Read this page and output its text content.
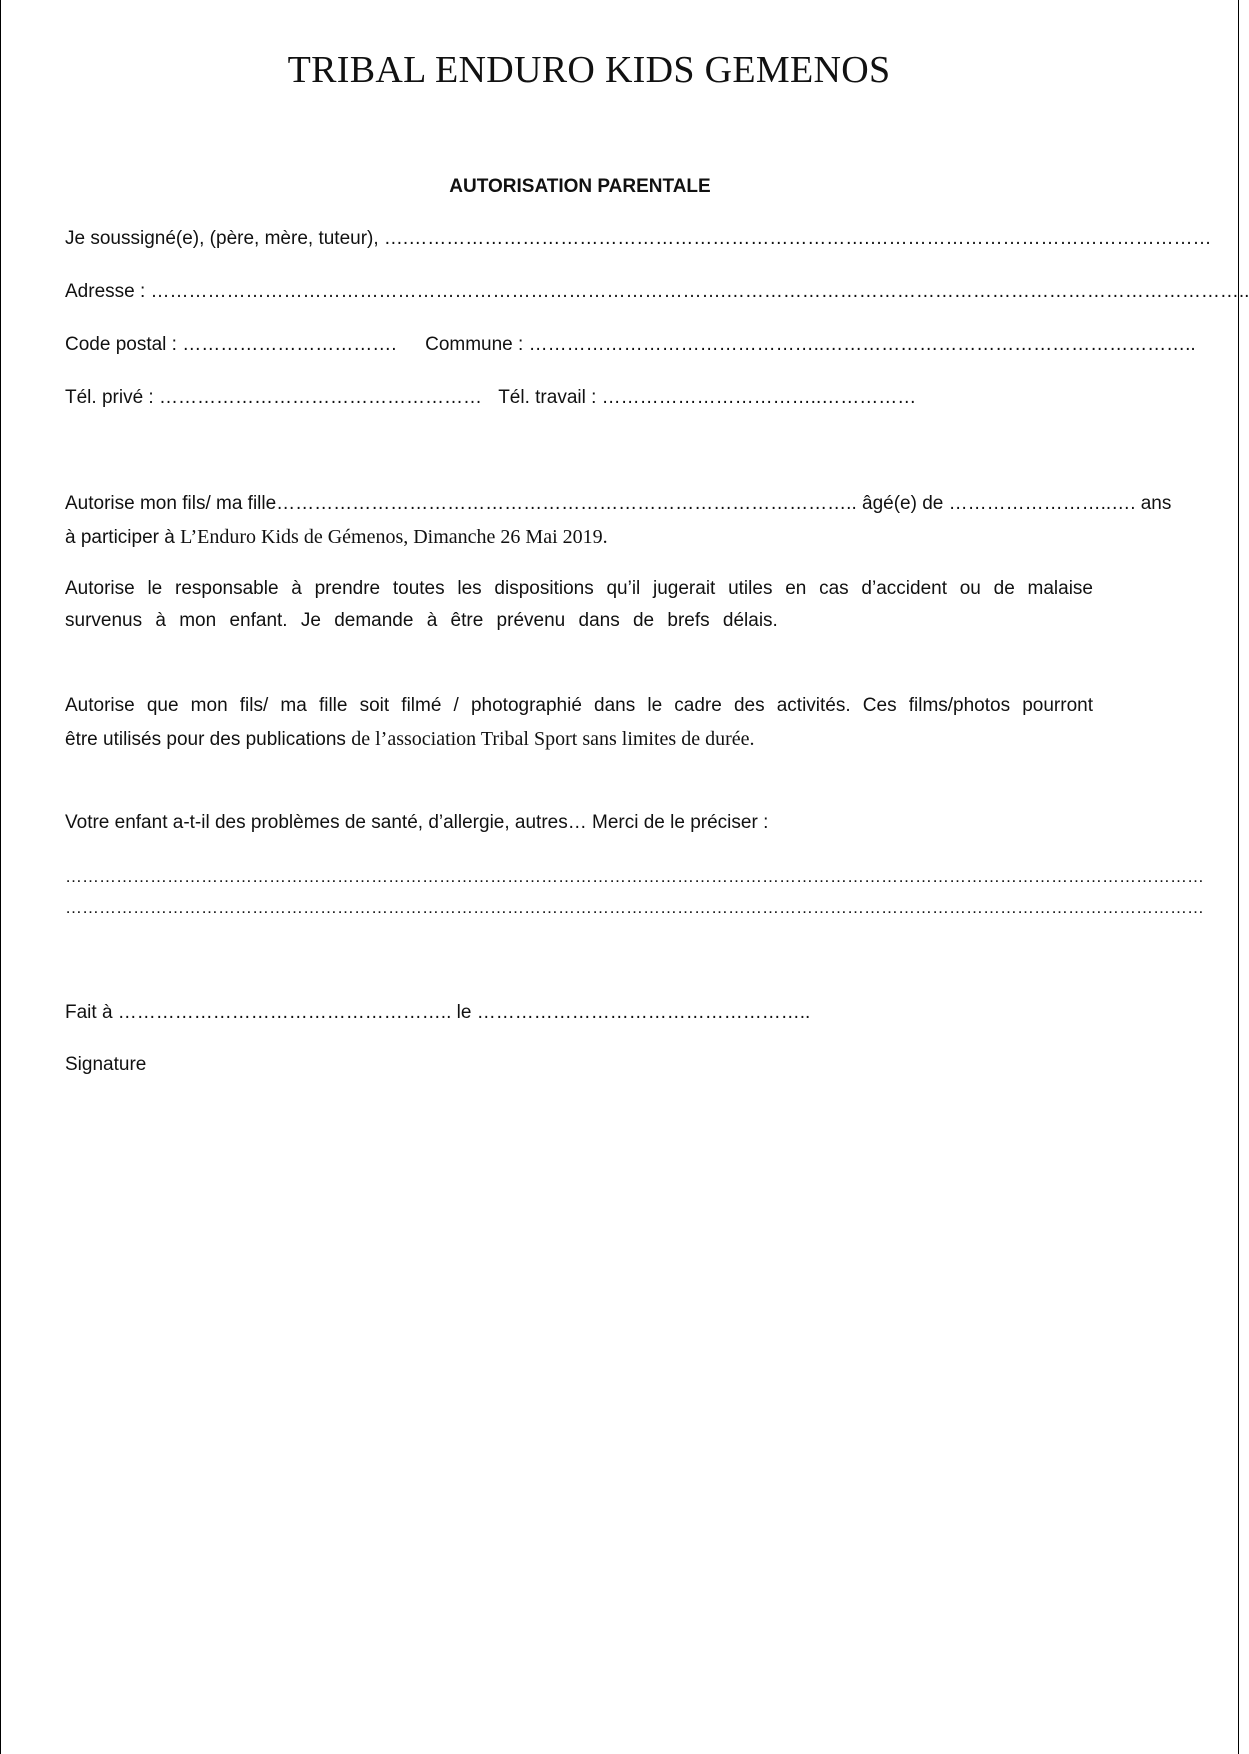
TRIBAL ENDURO KIDS GEMENOS
AUTORISATION PARENTALE
Je soussigné(e), (père, mère, tuteur), ….……………………………………………………………….………………………………………………
Adresse : ……………………………………………………………………………….………………………………………………………………………..
Code postal : ……………………………. Commune : ………………………………………..…………………………………………………..
Tél. privé : …………………………………………… Tél. travail : ……………………………..……………
Autorise mon fils/ ma fille……………………………………………………………………………….. âgé(e) de ……………………..…. ans
à participer à L’Enduro Kids de Gémenos, Dimanche 26 Mai 2019.
Autorise le responsable à prendre toutes les dispositions qu’il jugerait utiles en cas d’accident ou de malaise
survenus à mon enfant. Je demande à être prévenu dans de brefs délais.
Autorise que mon fils/ ma fille soit filmé / photographié dans le cadre des activités. Ces films/photos pourront
être utilisés pour des publications de l’association Tribal Sport sans limites de durée.
Votre enfant a-t-il des problèmes de santé, d’allergie, autres… Merci de le préciser :
…………………………………………………………………………………………………………………………………………………………………………………
…………………………………………………………………………………………………………………………………………………………………………………
Fait à …………………………………………….. le ……………………………………………..
Signature
